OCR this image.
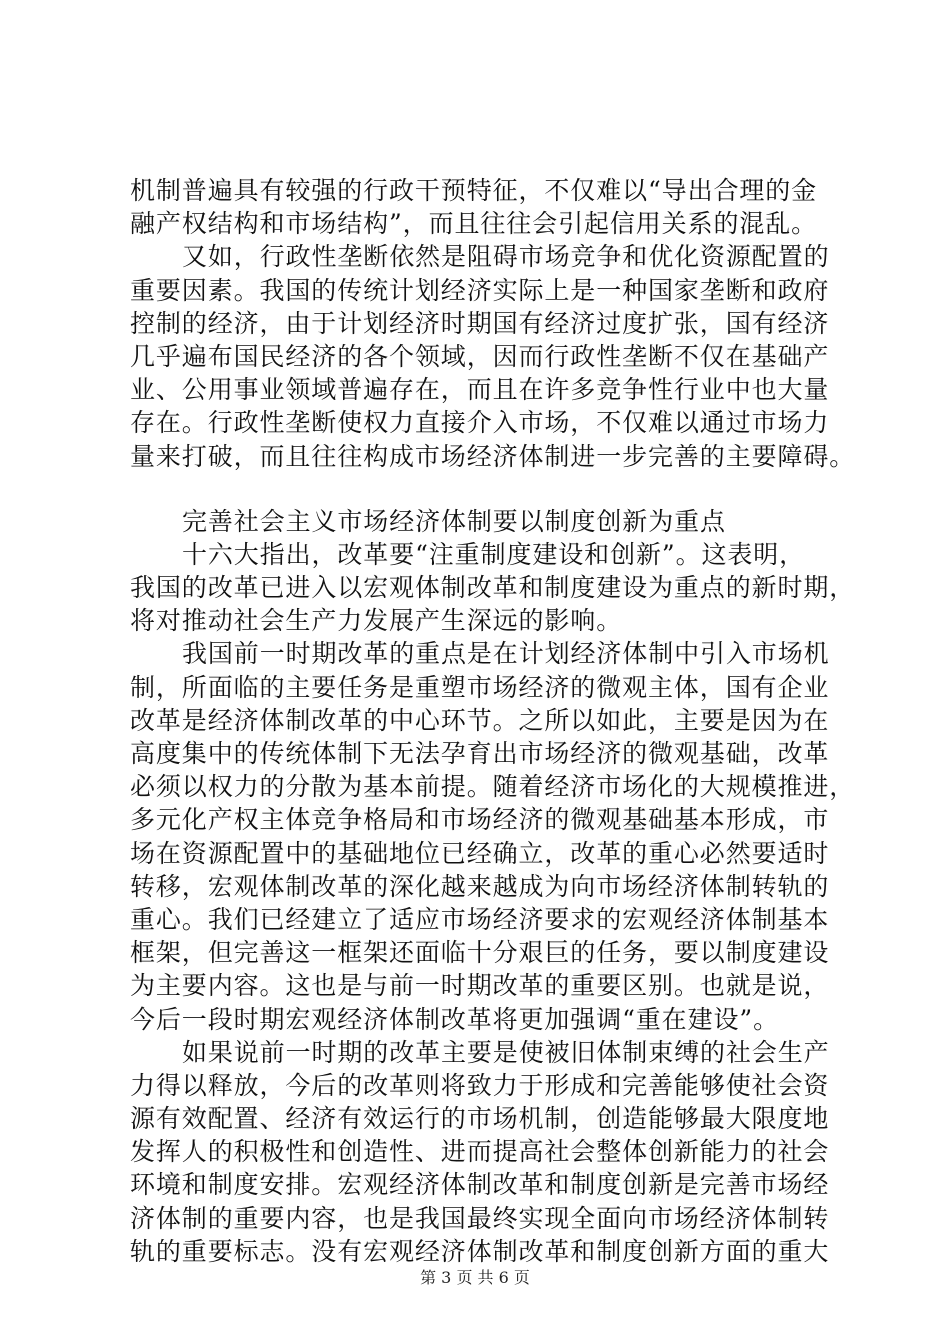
机制普遍具有较强的行政干预特征，不仅难以“导出合理的金
融产权结构和市场结构”，而且往往会引起信用关系的混乱。
又如，行政性垄断依然是阻碍市场竞争和优化资源配置的
重要因素。我国的传统计划经济实际上是一种国家垄断和政府
控制的经济，由于计划经济时期国有经济过度扩张，国有经济
几乎遍布国民经济的各个领域，因而行政性垄断不仅在基础产
业、公用事业领域普遍存在，而且在许多竞争性行业中也大量
存在。行政性垄断使权力直接介入市场，不仅难以通过市场力
量来打破，而且往往构成市场经济体制进一步完善的主要障碍。
完善社会主义市场经济体制要以制度创新为重点
十六大指出，改革要“注重制度建设和创新”。这表明，
我国的改革已进入以宏观体制改革和制度建设为重点的新时期，
将对推动社会生产力发展产生深远的影响。
我国前一时期改革的重点是在计划经济体制中引入市场机
制，所面临的主要任务是重塑市场经济的微观主体，国有企业
改革是经济体制改革的中心环节。之所以如此，主要是因为在
高度集中的传统体制下无法孕育出市场经济的微观基础，改革
必须以权力的分散为基本前提。随着经济市场化的大规模推进，
多元化产权主体竞争格局和市场经济的微观基础基本形成，市
场在资源配置中的基础地位已经确立，改革的重心必然要适时
转移，宏观体制改革的深化越来越成为向市场经济体制转轨的
重心。我们已经建立了适应市场经济要求的宏观经济体制基本
框架，但完善这一框架还面临十分艰巨的任务，要以制度建设
为主要内容。这也是与前一时期改革的重要区别。也就是说，
今后一段时期宏观经济体制改革将更加强调“重在建设”。
如果说前一时期的改革主要是使被旧体制束缚的社会生产
力得以释放，今后的改革则将致力于形成和完善能够使社会资
源有效配置、经济有效运行的市场机制，创造能够最大限度地
发挥人的积极性和创造性、进而提高社会整体创新能力的社会
环境和制度安排。宏观经济体制改革和制度创新是完善市场经
济体制的重要内容，也是我国最终实现全面向市场经济体制转
轨的重要标志。没有宏观经济体制改革和制度创新方面的重大
第 3 页 共 6 页
